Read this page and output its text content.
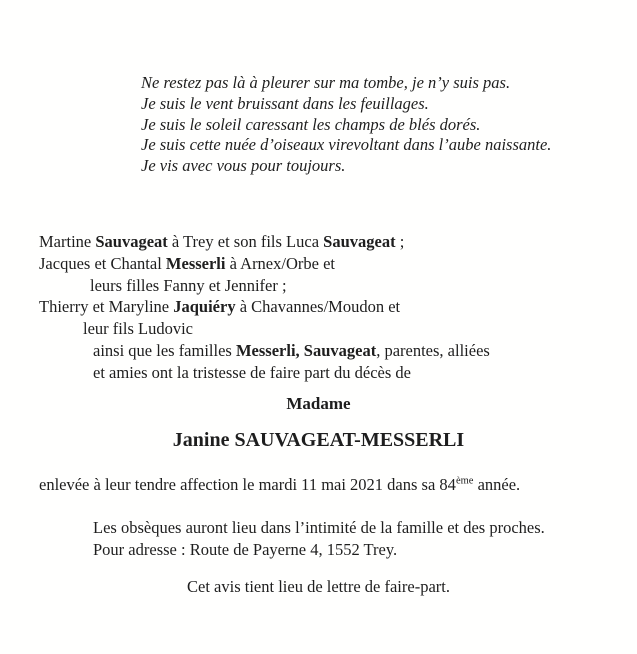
Ne restez pas là à pleurer sur ma tombe, je n’y suis pas.
Je suis le vent bruissant dans les feuillages.
Je suis le soleil caressant les champs de blés dorés.
Je suis cette nuée d’oiseaux virevoltant dans l’aube naissante.
Je vis avec vous pour toujours.
Martine Sauvageat à Trey et son fils Luca Sauvageat ;
Jacques et Chantal Messerli à Arnex/Orbe et
leurs filles Fanny et Jennifer ;
Thierry et Maryline Jaquiéry à Chavannes/Moudon et
leur fils Ludovic
ainsi que les familles Messerli, Sauvageat, parentes, alliées
et amies ont la tristesse de faire part du décès de
Madame
Janine SAUVAGEAT-MESSERLI
enlevée à leur tendre affection le mardi 11 mai 2021 dans sa 84ème année.
Les obsèques auront lieu dans l’intimité de la famille et des proches.
Pour adresse : Route de Payerne 4, 1552 Trey.
Cet avis tient lieu de lettre de faire-part.
